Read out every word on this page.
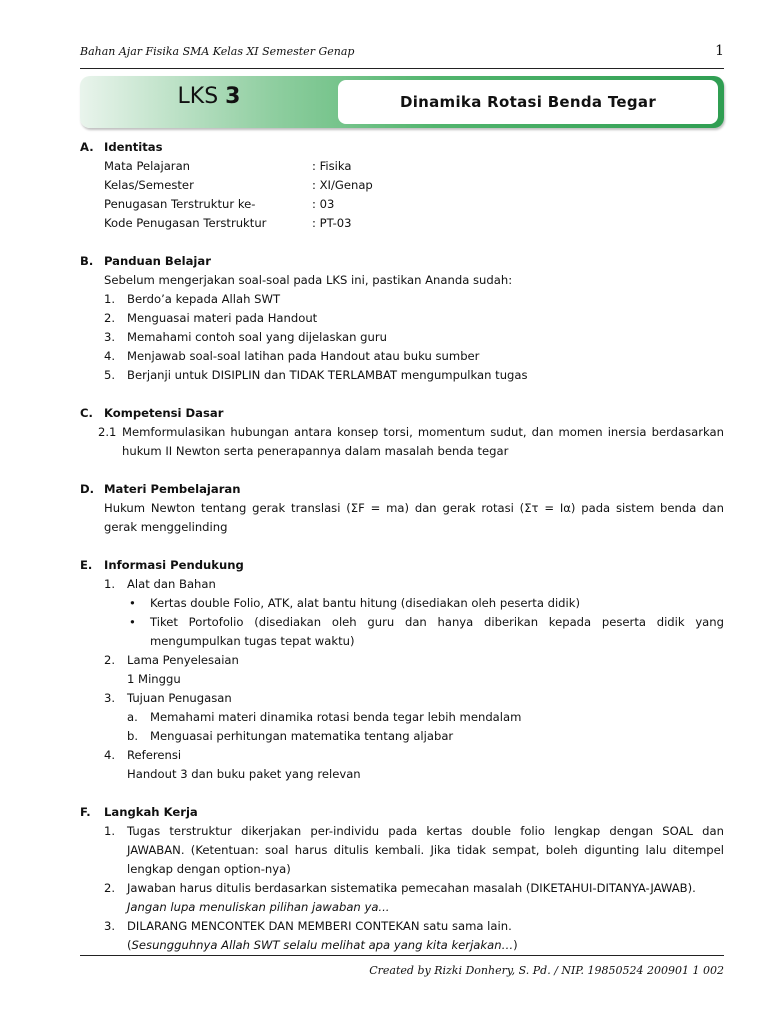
Bahan Ajar Fisika SMA Kelas XI Semester Genap	1
LKS 3	Dinamika Rotasi Benda Tegar
A. Identitas
Mata Pelajaran	: Fisika
Kelas/Semester	: XI/Genap
Penugasan Terstruktur ke-	: 03
Kode Penugasan Terstruktur	: PT-03
B. Panduan Belajar
Sebelum mengerjakan soal-soal pada LKS ini, pastikan Ananda sudah:
1. Berdo’a kepada Allah SWT
2. Menguasai materi pada Handout
3. Memahami contoh soal yang dijelaskan guru
4. Menjawab soal-soal latihan pada Handout atau buku sumber
5. Berjanji untuk DISIPLIN dan TIDAK TERLAMBAT mengumpulkan tugas
C. Kompetensi Dasar
2.1 Memformulasikan hubungan antara konsep torsi, momentum sudut, dan momen inersia berdasarkan hukum II Newton serta penerapannya dalam masalah benda tegar
D. Materi Pembelajaran
Hukum Newton tentang gerak translasi (ΣF = ma) dan gerak rotasi (Στ = Iα) pada sistem benda dan gerak menggelinding
E.	Informasi Pendukung
1. Alat dan Bahan
• Kertas double Folio, ATK, alat bantu hitung (disediakan oleh peserta didik)
• Tiket Portofolio (disediakan oleh guru dan hanya diberikan kepada peserta didik yang mengumpulkan tugas tepat waktu)
2. Lama Penyelesaian
1 Minggu
3. Tujuan Penugasan
a. Memahami materi dinamika rotasi benda tegar lebih mendalam
b. Menguasai perhitungan matematika tentang aljabar
4. Referensi
Handout 3 dan buku paket yang relevan
F.	Langkah Kerja
1. Tugas terstruktur dikerjakan per-individu pada kertas double folio lengkap dengan SOAL dan JAWABAN. (Ketentuan: soal harus ditulis kembali. Jika tidak sempat, boleh digunting lalu ditempel lengkap dengan option-nya)
2. Jawaban harus ditulis berdasarkan sistematika pemecahan masalah (DIKETAHUI-DITANYA-JAWAB).
Jangan lupa menuliskan pilihan jawaban ya...
3. DILARANG MENCONTEK DAN MEMBERI CONTEKAN satu sama lain.
(Sesungguhnya Allah SWT selalu melihat apa yang kita kerjakan…)
Created by Rizki Donhery, S. Pd. / NIP. 19850524 200901 1 002
